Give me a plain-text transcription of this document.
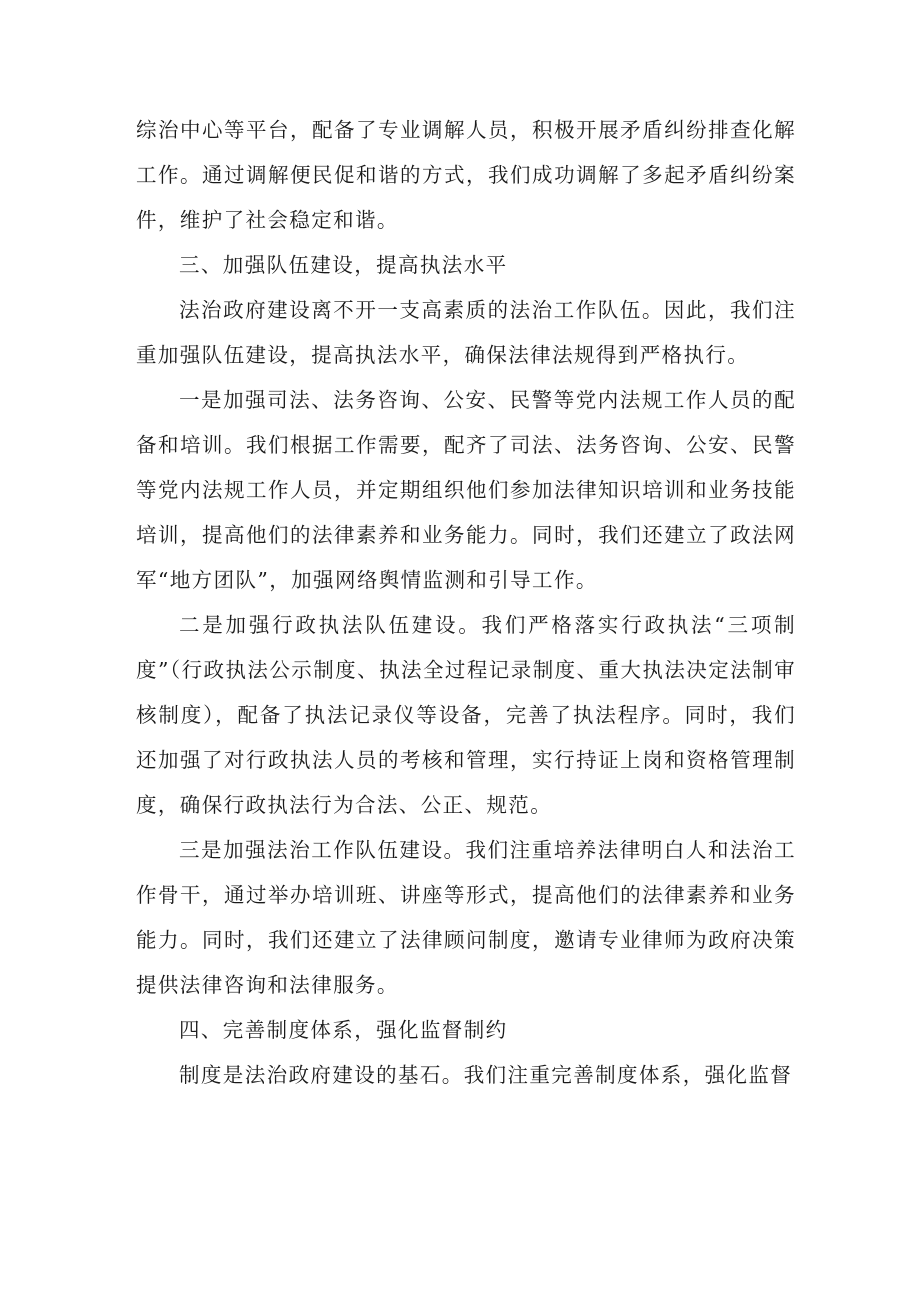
综治中心等平台，配备了专业调解人员，积极开展矛盾纠纷排查化解工作。通过调解便民促和谐的方式，我们成功调解了多起矛盾纠纷案件，维护了社会稳定和谐。

三、加强队伍建设，提高执法水平

法治政府建设离不开一支高素质的法治工作队伍。因此，我们注重加强队伍建设，提高执法水平，确保法律法规得到严格执行。

一是加强司法、法务咨询、公安、民警等党内法规工作人员的配备和培训。我们根据工作需要，配齐了司法、法务咨询、公安、民警等党内法规工作人员，并定期组织他们参加法律知识培训和业务技能培训，提高他们的法律素养和业务能力。同时，我们还建立了政法网军“地方团队”，加强网络舆情监测和引导工作。

二是加强行政执法队伍建设。我们严格落实行政执法“三项制度”（行政执法公示制度、执法全过程记录制度、重大执法决定法制审核制度），配备了执法记录仪等设备，完善了执法程序。同时，我们还加强了对行政执法人员的考核和管理，实行持证上岗和资格管理制度，确保行政执法行为合法、公正、规范。

三是加强法治工作队伍建设。我们注重培养法律明白人和法治工作骨干，通过举办培训班、讲座等形式，提高他们的法律素养和业务能力。同时，我们还建立了法律顾问制度，邀请专业律师为政府决策提供法律咨询和法律服务。

四、完善制度体系，强化监督制约

制度是法治政府建设的基石。我们注重完善制度体系，强化监督
